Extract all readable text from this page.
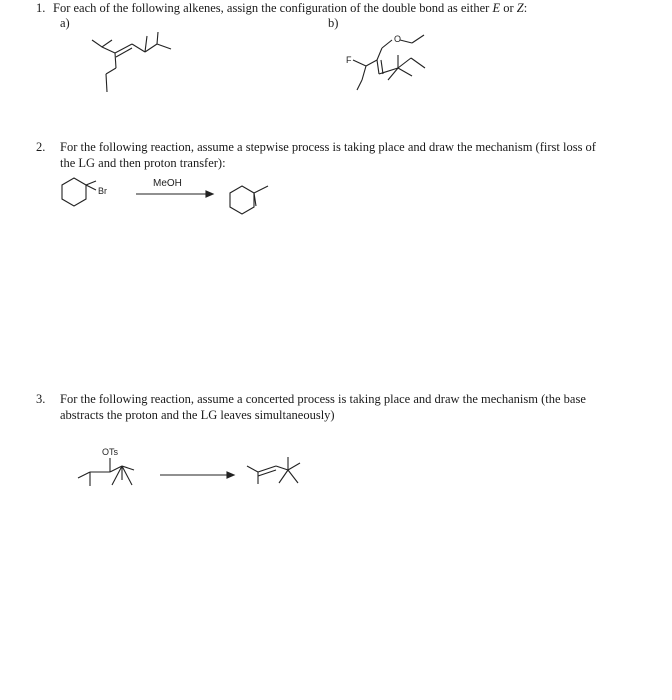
1. For each of the following alkenes, assign the configuration of the double bond as either E or Z:
a)	b)
2. For the following reaction, assume a stepwise process is taking place and draw the mechanism (first loss of
the LG and then proton transfer):
3. For the following reaction, assume a concerted process is taking place and draw the mechanism (the base
abstracts the proton and the LG leaves simultaneously)
F
O
Br
MeOH
OTs
